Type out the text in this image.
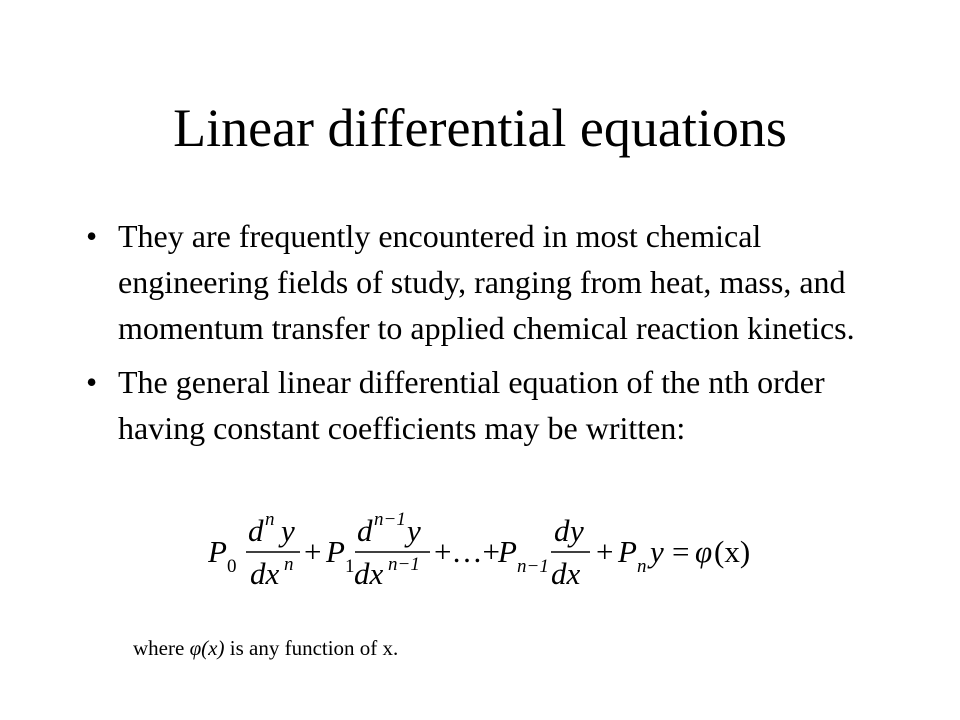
Linear differential equations
• They are frequently encountered in most chemical engineering fields of study, ranging from heat, mass, and momentum transfer to applied chemical reaction kinetics.
• The general linear differential equation of the nth order having constant coefficients may be written:
P 0
d n y
dx n + P 1
d n−1 y
dx n−1 +…+
P n−1
d y
dx
+ P n y = φ (x)

where φ(x) is any function of x.
